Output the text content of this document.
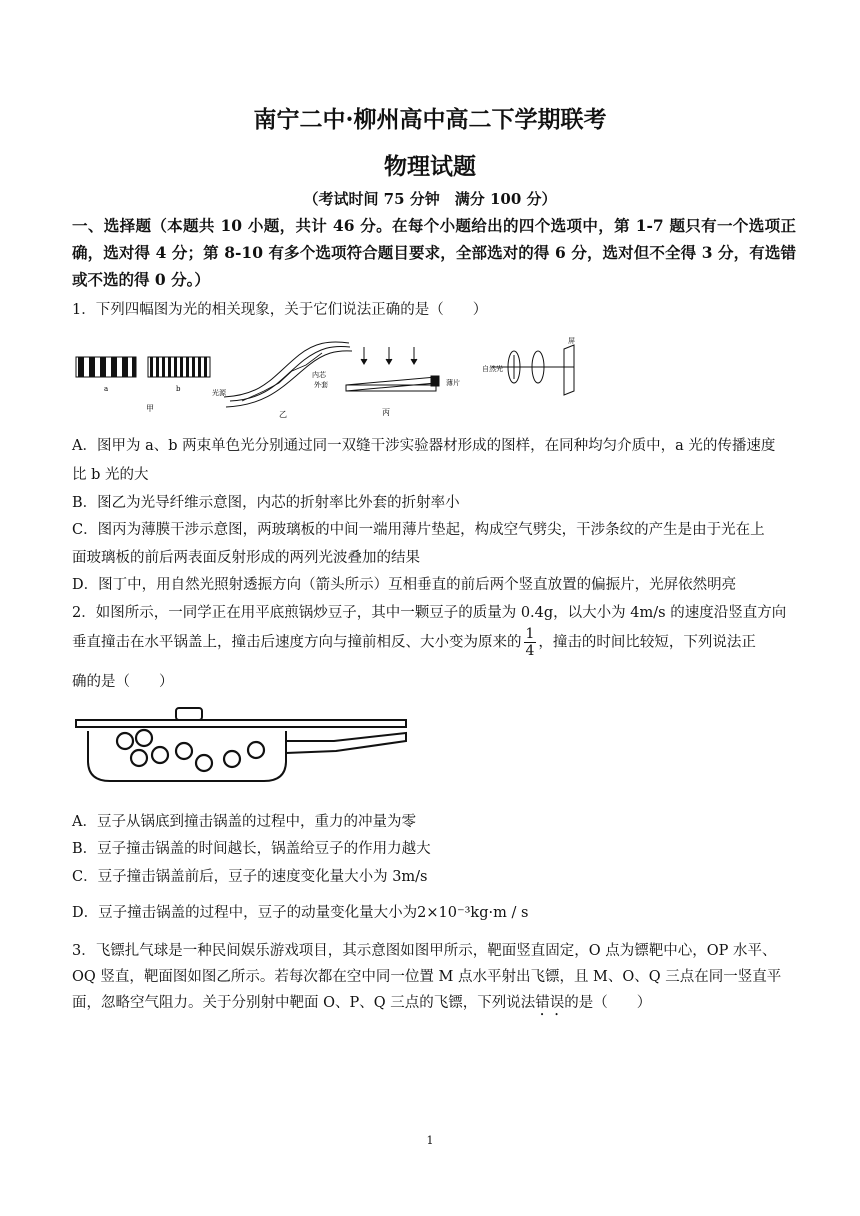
南宁二中·柳州高中高二下学期联考
物理试题
（考试时间 75 分钟　满分 100 分）
一、选择题（本题共 10 小题，共计 46 分。在每个小题给出的四个选项中，第 1-7 题只有一个选项正确，选对得 4 分；第 8-10 有多个选项符合题目要求，全部选对的得 6 分，选对但不全得 3 分，有选错或不选的得 0 分。）
1．下列四幅图为光的相关现象，关于它们说法正确的是（　　）
a	b
甲
光源
内芯
外套
乙
薄片
丙
自然光
屏
A．图甲为 a、b 两束单色光分别通过同一双缝干涉实验器材形成的图样，在同种均匀介质中，a 光的传播速度
比 b 光的大
B．图乙为光导纤维示意图，内芯的折射率比外套的折射率小
C．图丙为薄膜干涉示意图，两玻璃板的中间一端用薄片垫起，构成空气劈尖，干涉条纹的产生是由于光在上
面玻璃板的前后两表面反射形成的两列光波叠加的结果
D．图丁中，用自然光照射透振方向（箭头所示）互相垂直的前后两个竖直放置的偏振片，光屏依然明亮
2．如图所示，一同学正在用平底煎锅炒豆子，其中一颗豆子的质量为 0.4g，以大小为 4m/s 的速度沿竖直方向
垂直撞击在水平锅盖上，撞击后速度方向与撞前相反、大小变为原来的 $\frac{1}{4}$ ，撞击的时间比较短，下列说法正
确的是（　　）
A．豆子从锅底到撞击锅盖的过程中，重力的冲量为零
B．豆子撞击锅盖的时间越长，锅盖给豆子的作用力越大
C．豆子撞击锅盖前后，豆子的速度变化量大小为 3m/s
D．豆子撞击锅盖的过程中，豆子的动量变化量大小为2×10⁻³kg·m / s
3．飞镖扎气球是一种民间娱乐游戏项目，其示意图如图甲所示，靶面竖直固定，O 点为镖靶中心，OP 水平、
OQ 竖直，靶面图如图乙所示。若每次都在空中同一位置 M 点水平射出飞镖，且 M、O、Q 三点在同一竖直平
面，忽略空气阻力。关于分别射中靶面 O、P、Q 三点的飞镖，下列说法错误的是（　　）
1
